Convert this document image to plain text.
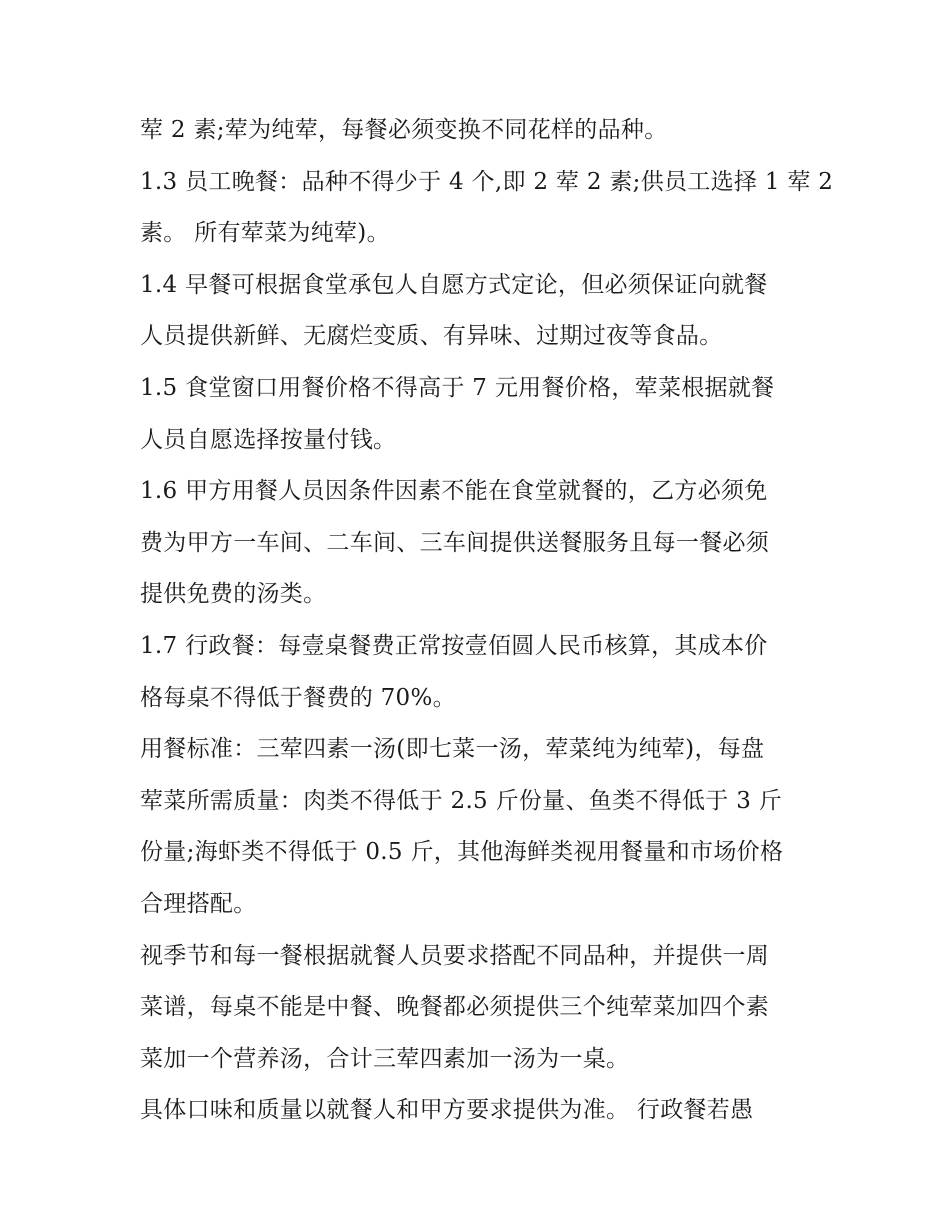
荤 2 素;荤为纯荤，每餐必须变换不同花样的品种。
1.3 员工晚餐：品种不得少于 4 个,即 2 荤 2 素;供员工选择 1 荤 2
素。 所有荤菜为纯荤)。
1.4 早餐可根据食堂承包人自愿方式定论，但必须保证向就餐
人员提供新鲜、无腐烂变质、有异味、过期过夜等食品。
1.5 食堂窗口用餐价格不得高于 7 元用餐价格，荤菜根据就餐
人员自愿选择按量付钱。
1.6 甲方用餐人员因条件因素不能在食堂就餐的，乙方必须免
费为甲方一车间、二车间、三车间提供送餐服务且每一餐必须
提供免费的汤类。
1.7 行政餐：每壹桌餐费正常按壹佰圆人民币核算，其成本价
格每桌不得低于餐费的 70%。
用餐标准：三荤四素一汤(即七菜一汤，荤菜纯为纯荤)，每盘
荤菜所需质量：肉类不得低于 2.5 斤份量、鱼类不得低于 3 斤
份量;海虾类不得低于 0.5 斤，其他海鲜类视用餐量和市场价格
合理搭配。
视季节和每一餐根据就餐人员要求搭配不同品种，并提供一周
菜谱，每桌不能是中餐、晚餐都必须提供三个纯荤菜加四个素
菜加一个营养汤，合计三荤四素加一汤为一桌。
具体口味和质量以就餐人和甲方要求提供为准。 行政餐若愚
